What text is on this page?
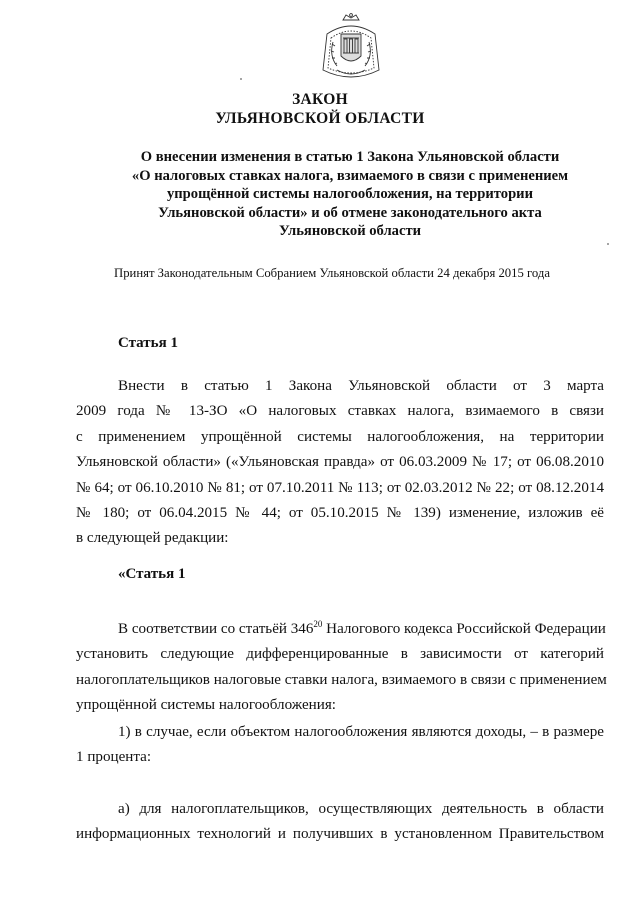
ЗАКОН
УЛЬЯНОВСКОЙ ОБЛАСТИ
О внесении изменения в статью 1 Закона Ульяновской области
«О налоговых ставках налога, взимаемого в связи с применением
упрощённой системы налогообложения, на территории
Ульяновской области» и об отмене законодательного акта
Ульяновской области
Принят Законодательным Собранием Ульяновской области 24 декабря 2015 года
Статья 1
Внести в статью 1 Закона Ульяновской области от 3 марта
2009 года № 13-ЗО «О налоговых ставках налога, взимаемого в связи
с применением упрощённой системы налогообложения, на территории
Ульяновской области» («Ульяновская правда» от 06.03.2009 № 17; от 06.08.2010
№ 64; от 06.10.2010 № 81; от 07.10.2011 № 113; от 02.03.2012 № 22; от 08.12.2014
№ 180; от 06.04.2015 № 44; от 05.10.2015 № 139) изменение, изложив её
в следующей редакции:
«Статья 1
В соответствии со статьёй $346^{20}$ Налогового кодекса Российской Федерации
установить следующие дифференцированные в зависимости от категорий
налогоплательщиков налоговые ставки налога, взимаемого в связи с применением
упрощённой системы налогообложения:
1) в случае, если объектом налогообложения являются доходы, – в размере
1 процента:
а) для налогоплательщиков, осуществляющих деятельность в области
информационных технологий и получивших в установленном Правительством
